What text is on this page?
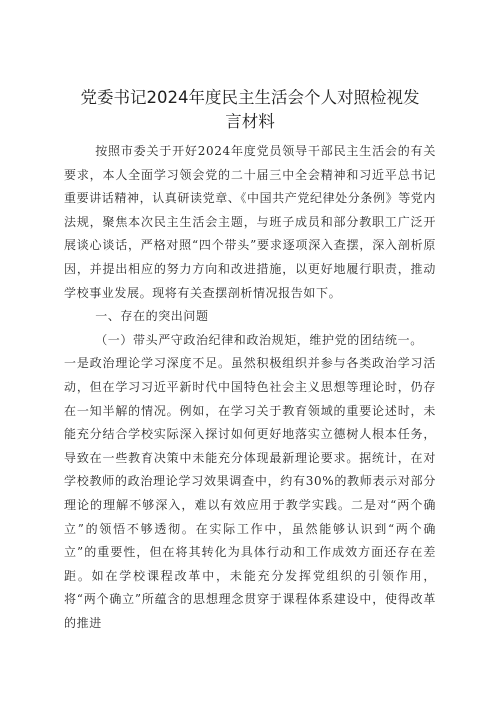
党委书记2024年度民主生活会个人对照检视发言材料

按照市委关于开好2024年度党员领导干部民主生活会的有关要求，本人全面学习领会党的二十届三中全会精神和习近平总书记重要讲话精神，认真研读党章、《中国共产党纪律处分条例》等党内法规，聚焦本次民主生活会主题，与班子成员和部分教职工广泛开展谈心谈话，严格对照“四个带头”要求逐项深入查摆，深入剖析原因，并提出相应的努力方向和改进措施，以更好地履行职责，推动学校事业发展。现将有关查摆剖析情况报告如下。

一、存在的突出问题

（一）带头严守政治纪律和政治规矩，维护党的团结统一。

一是政治理论学习深度不足。虽然积极组织并参与各类政治学习活动，但在学习习近平新时代中国特色社会主义思想等理论时，仍存在一知半解的情况。例如，在学习关于教育领域的重要论述时，未能充分结合学校实际深入探讨如何更好地落实立德树人根本任务，导致在一些教育决策中未能充分体现最新理论要求。据统计，在对学校教师的政治理论学习效果调查中，约有30%的教师表示对部分理论的理解不够深入，难以有效应用于教学实践。二是对“两个确立”的领悟不够透彻。在实际工作中，虽然能够认识到“两个确立”的重要性，但在将其转化为具体行动和工作成效方面还存在差距。如在学校课程改革中，未能充分发挥党组织的引领作用，将“两个确立”所蕴含的思想理念贯穿于课程体系建设中，使得改革的推进
